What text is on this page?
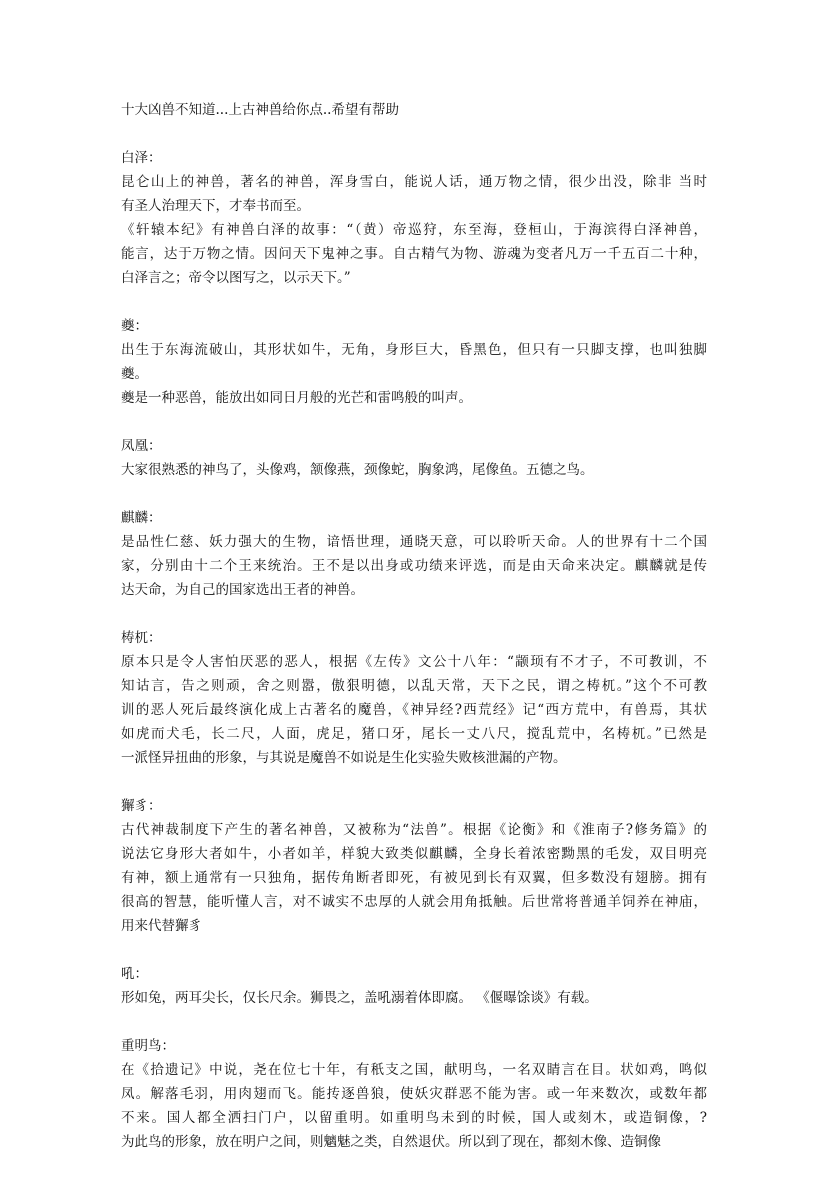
十大凶兽不知道...上古神兽给你点..希望有帮助
白泽：
昆仑山上的神兽，著名的神兽，浑身雪白，能说人话，通万物之情，很少出没，除非 当时
有圣人治理天下，才奉书而至。
《轩辕本纪》有神兽白泽的故事：“（黄）帝巡狩，东至海，登桓山，于海滨得白泽神兽，
能言，达于万物之情。因问天下鬼神之事。自古精气为物、游魂为变者凡万一千五百二十种，
白泽言之；帝令以图写之，以示天下。”
夔：
出生于东海流破山，其形状如牛，无角，身形巨大，昏黑色，但只有一只脚支撑，也叫独脚
夔。
夔是一种恶兽，能放出如同日月般的光芒和雷鸣般的叫声。
凤凰：
大家很熟悉的神鸟了，头像鸡，颔像燕，颈像蛇，胸象鸿，尾像鱼。五德之鸟。
麒麟：
是品性仁慈、妖力强大的生物，谙悟世理，通晓天意，可以聆听天命。人的世界有十二个国
家，分别由十二个王来统治。王不是以出身或功绩来评选，而是由天命来决定。麒麟就是传
达天命，为自己的国家选出王者的神兽。
梼杌：
原本只是令人害怕厌恶的恶人，根据《左传》文公十八年：“颛顼有不才子，不可教训，不
知诂言，告之则顽，舍之则嚣，傲狠明德，以乱天常，天下之民，谓之梼杌。”这个不可教
训的恶人死后最终演化成上古著名的魔兽，《神异经?西荒经》记“西方荒中，有兽焉，其状
如虎而犬毛，长二尺，人面，虎足，猪口牙，尾长一丈八尺，搅乱荒中，名梼杌。”已然是
一派怪异扭曲的形象，与其说是魔兽不如说是生化实验失败核泄漏的产物。
獬豸：
古代神裁制度下产生的著名神兽，又被称为“法兽”。根据《论衡》和《淮南子?修务篇》的
说法它身形大者如牛，小者如羊，样貌大致类似麒麟，全身长着浓密黝黑的毛发，双目明亮
有神，额上通常有一只独角，据传角断者即死，有被见到长有双翼，但多数没有翅膀。拥有
很高的智慧，能听懂人言，对不诚实不忠厚的人就会用角抵触。后世常将普通羊饲养在神庙，
用来代替獬豸
吼：
形如兔，两耳尖长，仅长尺余。狮畏之，盖吼溺着体即腐。 《偃曝馀谈》有载。
重明鸟：
在《拾遗记》中说，尧在位七十年，有秖支之国，献明鸟，一名双睛言在目。状如鸡，鸣似
凤。解落毛羽，用肉翅而飞。能抟逐兽狼，使妖灾群恶不能为害。或一年来数次，或数年都
不来。国人都全洒扫门户，以留重明。如重明鸟未到的时候，国人或刻木，或造铜像，?
为此鸟的形象，放在明户之间，则魑魅之类，自然退伏。所以到了现在，都刻木像、造铜像
